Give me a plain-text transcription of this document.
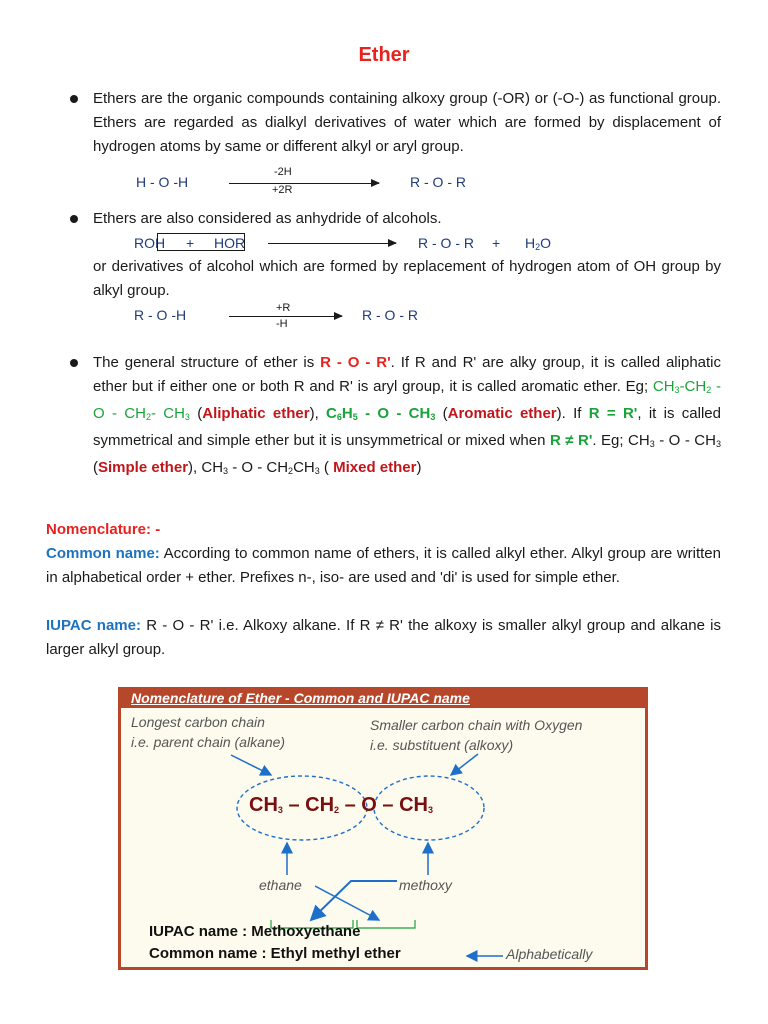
Ether
Ethers are the organic compounds containing alkoxy group (-OR) or (-O-) as functional group. Ethers are regarded as dialkyl derivatives of water which are formed by displacement of hydrogen atoms by same or different alkyl or aryl group.
H - O -H
-2H
+2R	R - O - R
Ethers are also considered as anhydride of alcohols.
ROH + HOR	$R - O - R + H_2O$
or derivatives of alcohol which are formed by replacement of hydrogen atom of OH group by alkyl group.
R - O -H	+R
-H
R - O - R
The general structure of ether is R - O - R'. If R and R' are alky group, it is called aliphatic ether but if either one or both R and R' is aryl group, it is called aromatic ether. Eg; $CH_3-CH_2$ - O - $CH_2-$ $CH_3$ (Aliphatic ether), $C_6H_5$ - O - $CH_3$ (Aromatic ether). If R = R', it is called symmetrical and simple ether but it is unsymmetrical or mixed when R ≠ R'. Eg; $CH_3$ - O - $CH_3$ (Simple ether), $CH_3$ - O - $CH_2CH_3$ ( Mixed ether)
Nomenclature: -
Common name: According to common name of ethers, it is called alkyl ether. Alkyl group are written in alphabetical order + ether. Prefixes n-, iso- are used and 'di' is used for simple ether.
IUPAC name: R - O - R' i.e. Alkoxy alkane. If R ≠ R' the alkoxy is smaller alkyl group and alkane is larger alkyl group.
Nomenclature of Ether - Common and IUPAC name
Longest carbon chain
i.e. parent chain (alkane)
Smaller carbon chain with Oxygen
i.e. substituent (alkoxy)
$CH_3 - CH_2$ – O – $CH_3$
ethane	methoxy
IUPAC name : Methoxyethane
Common name : Ethyl methyl ether	Alphabetically
